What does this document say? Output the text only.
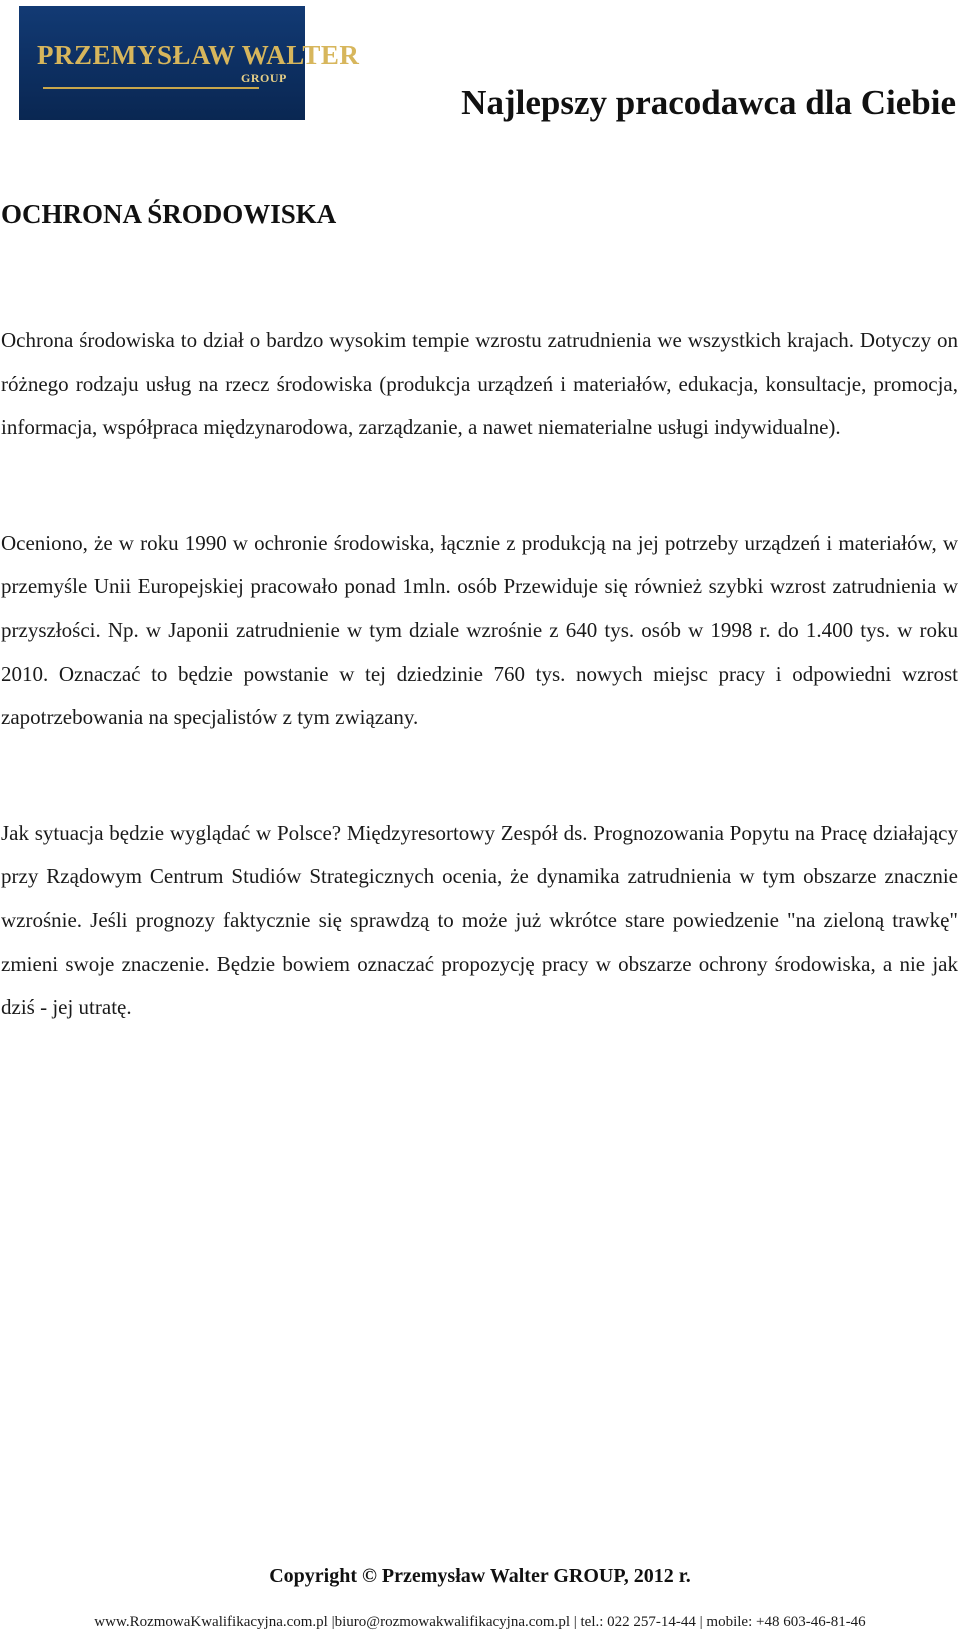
PRZEMYSŁAW WALTER
GROUP
Najlepszy pracodawca dla Ciebie
OCHRONA ŚRODOWISKA

Ochrona środowiska to dział o bardzo wysokim tempie wzrostu zatrudnienia we wszystkich krajach. Dotyczy on różnego rodzaju usług na rzecz środowiska (produkcja urządzeń i materiałów, edukacja, konsultacje, promocja, informacja, współpraca międzynarodowa, zarządzanie, a nawet niematerialne usługi indywidualne).

Oceniono, że w roku 1990 w ochronie środowiska, łącznie z produkcją na jej potrzeby urządzeń i materiałów, w przemyśle Unii Europejskiej pracowało ponad 1mln. osób Przewiduje się również szybki wzrost zatrudnienia w przyszłości. Np. w Japonii zatrudnienie w tym dziale wzrośnie z 640 tys. osób w 1998 r. do 1.400 tys. w roku 2010. Oznaczać to będzie powstanie w tej dziedzinie 760 tys. nowych miejsc pracy i odpowiedni wzrost zapotrzebowania na specjalistów z tym związany.

Jak sytuacja będzie wyglądać w Polsce? Międzyresortowy Zespół ds. Prognozowania Popytu na Pracę działający przy Rządowym Centrum Studiów Strategicznych ocenia, że dynamika zatrudnienia w tym obszarze znacznie wzrośnie. Jeśli prognozy faktycznie się sprawdzą to może już wkrótce stare powiedzenie "na zieloną trawkę" zmieni swoje znaczenie. Będzie bowiem oznaczać propozycję pracy w obszarze ochrony środowiska, a nie jak dziś - jej utratę.

Copyright © Przemysław Walter GROUP, 2012 r.

www.RozmowaKwalifikacyjna.com.pl |biuro@rozmowakwalifikacyjna.com.pl | tel.: 022 257-14-44 | mobile: +48 603-46-81-46
